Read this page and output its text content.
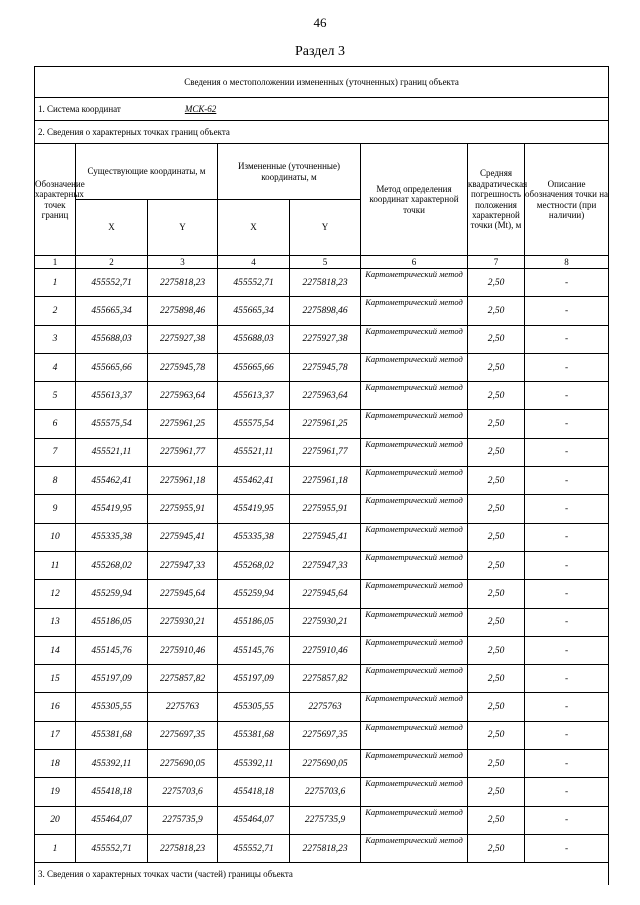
46
Раздел 3
Сведения о местоположении измененных (уточненных) границ объекта							
1. Система координат МСК-62							
2. Сведения о характерных точках границ объекта							
Обозначение характерных точек границ	Существующие координаты, м		Измененные (уточненные) координаты, м		Метод определения координат характерной точки	Средняя квадратическая погрешность положения характерной точки (Mt), м	Описание обозначения точки на местности (при наличии)
	X	Y	X	Y			
1	2	3	4	5	6	7	8
1	455552,71	2275818,23	455552,71	2275818,23	Картометрический метод	2,50	-
2	455665,34	2275898,46	455665,34	2275898,46	Картометрический метод	2,50	-
3	455688,03	2275927,38	455688,03	2275927,38	Картометрический метод	2,50	-
4	455665,66	2275945,78	455665,66	2275945,78	Картометрический метод	2,50	-
5	455613,37	2275963,64	455613,37	2275963,64	Картометрический метод	2,50	-
6	455575,54	2275961,25	455575,54	2275961,25	Картометрический метод	2,50	-
7	455521,11	2275961,77	455521,11	2275961,77	Картометрический метод	2,50	-
8	455462,41	2275961,18	455462,41	2275961,18	Картометрический метод	2,50	-
9	455419,95	2275955,91	455419,95	2275955,91	Картометрический метод	2,50	-
10	455335,38	2275945,41	455335,38	2275945,41	Картометрический метод	2,50	-
11	455268,02	2275947,33	455268,02	2275947,33	Картометрический метод	2,50	-
12	455259,94	2275945,64	455259,94	2275945,64	Картометрический метод	2,50	-
13	455186,05	2275930,21	455186,05	2275930,21	Картометрический метод	2,50	-
14	455145,76	2275910,46	455145,76	2275910,46	Картометрический метод	2,50	-
15	455197,09	2275857,82	455197,09	2275857,82	Картометрический метод	2,50	-
16	455305,55	2275763	455305,55	2275763	Картометрический метод	2,50	-
17	455381,68	2275697,35	455381,68	2275697,35	Картометрический метод	2,50	-
18	455392,11	2275690,05	455392,11	2275690,05	Картометрический метод	2,50	-
19	455418,18	2275703,6	455418,18	2275703,6	Картометрический метод	2,50	-
20	455464,07	2275735,9	455464,07	2275735,9	Картометрический метод	2,50	-
1	455552,71	2275818,23	455552,71	2275818,23	Картометрический метод	2,50	-
3. Сведения о характерных точках части (частей) границы объекта							
